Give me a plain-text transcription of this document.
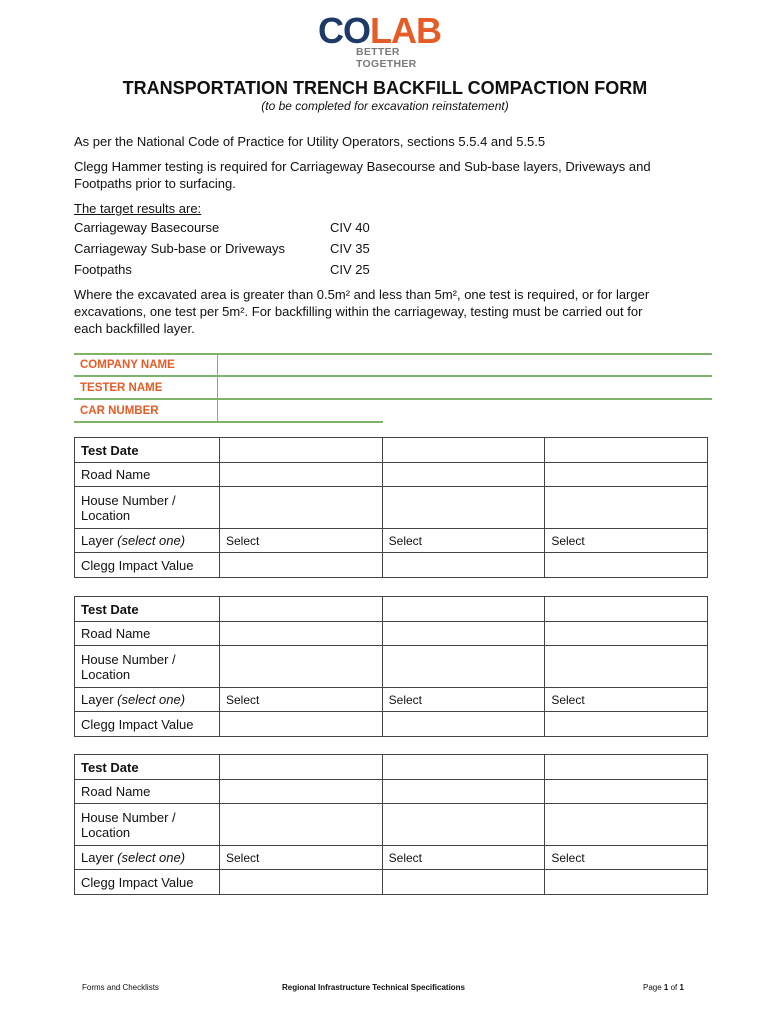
COLAB
BETTER TOGETHER
TRANSPORTATION TRENCH BACKFILL COMPACTION FORM
(to be completed for excavation reinstatement)
As per the National Code of Practice for Utility Operators, sections 5.5.4 and 5.5.5
Clegg Hammer testing is required for Carriageway Basecourse and Sub-base layers, Driveways and
Footpaths prior to surfacing.
The target results are:
Carriageway Basecourse	CIV 40
Carriageway Sub-base or Driveways	CIV 35
Footpaths	CIV 25
Where the excavated area is greater than 0.5m² and less than 5m², one test is required, or for larger
excavations, one test per 5m². For backfilling within the carriageway, testing must be carried out for
each backfilled layer.
COMPANY NAME
TESTER NAME
CAR NUMBER
Test Date			
Road Name			
House Number /
Location			
Layer (select one)	Select	Select	Select
Clegg Impact Value			
Test Date			
Road Name			
House Number /
Location			
Layer (select one)	Select	Select	Select
Clegg Impact Value			
Test Date			
Road Name			
House Number /
Location			
Layer (select one)	Select	Select	Select
Clegg Impact Value			
Forms and Checklists	Regional Infrastructure Technical Specifications	Page 1 of 1
